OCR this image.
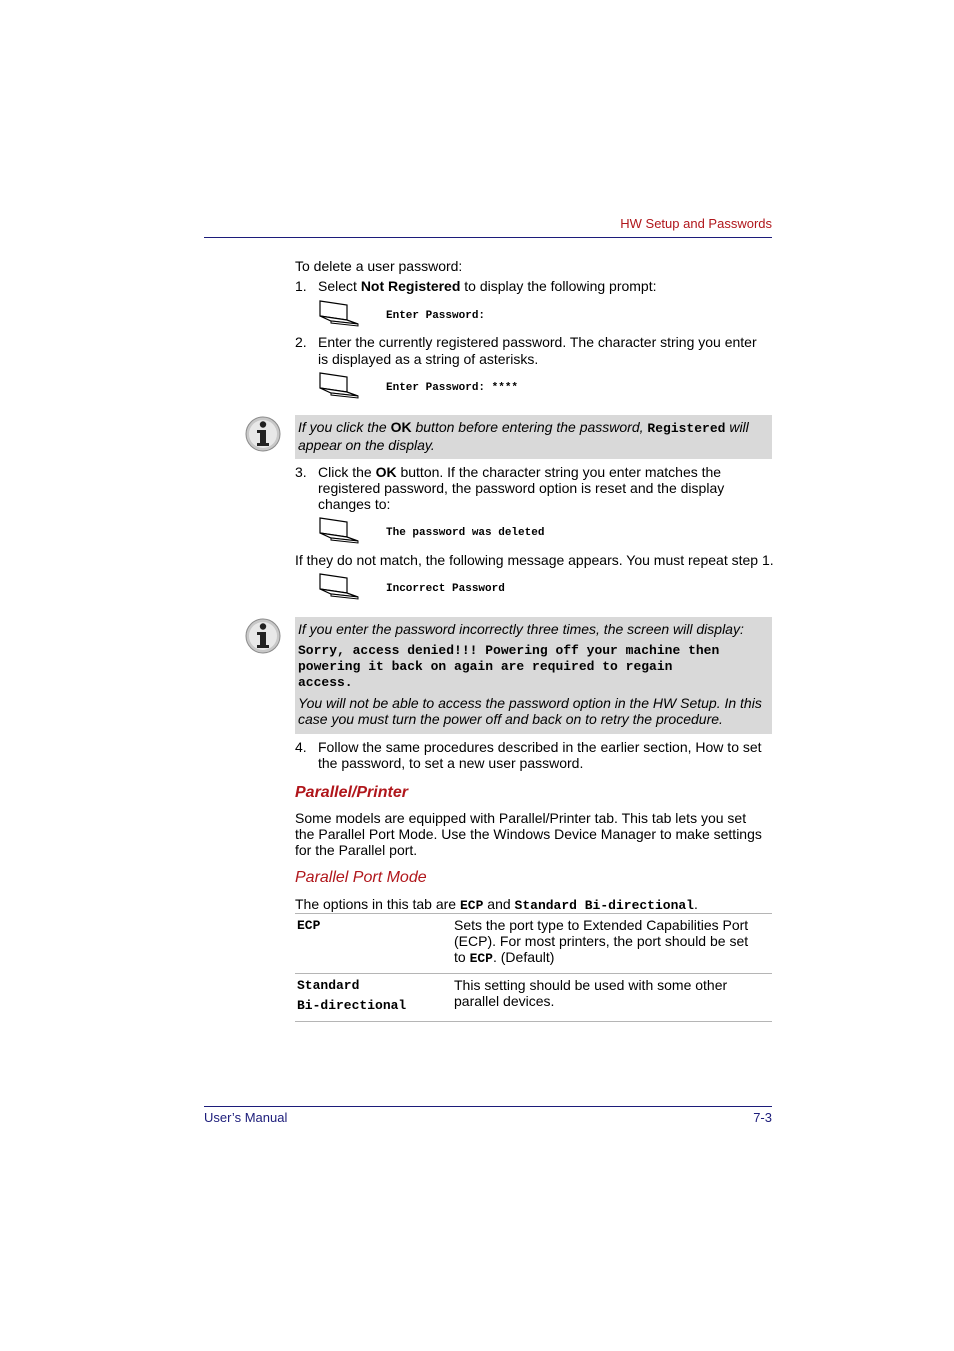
HW Setup and Passwords
To delete a user password:
1. Select Not Registered to display the following prompt:
Enter Password:
2. Enter the currently registered password. The character string you enter
is displayed as a string of asterisks.
Enter Password: ****
If you click the OK button before entering the password, Registered will
appear on the display.
3. Click the OK button. If the character string you enter matches the
registered password, the password option is reset and the display
changes to:
The password was deleted
If they do not match, the following message appears. You must repeat step 1.
Incorrect Password
If you enter the password incorrectly three times, the screen will display:
Sorry, access denied!!! Powering off your machine then
powering it back on again are required to regain
access.
You will not be able to access the password option in the HW Setup. In this
case you must turn the power off and back on to retry the procedure.
4. Follow the same procedures described in the earlier section, How to set
the password, to set a new user password.
Parallel/Printer
Some models are equipped with Parallel/Printer tab. This tab lets you set
the Parallel Port Mode. Use the Windows Device Manager to make settings
for the Parallel port.
Parallel Port Mode
The options in this tab are ECP and Standard Bi-directional.
ECP	Sets the port type to Extended Capabilities Port
(ECP). For most printers, the port should be set
to ECP. (Default)
Standard
Bi-directional
This setting should be used with some other
parallel devices.
User’s Manual	7-3
